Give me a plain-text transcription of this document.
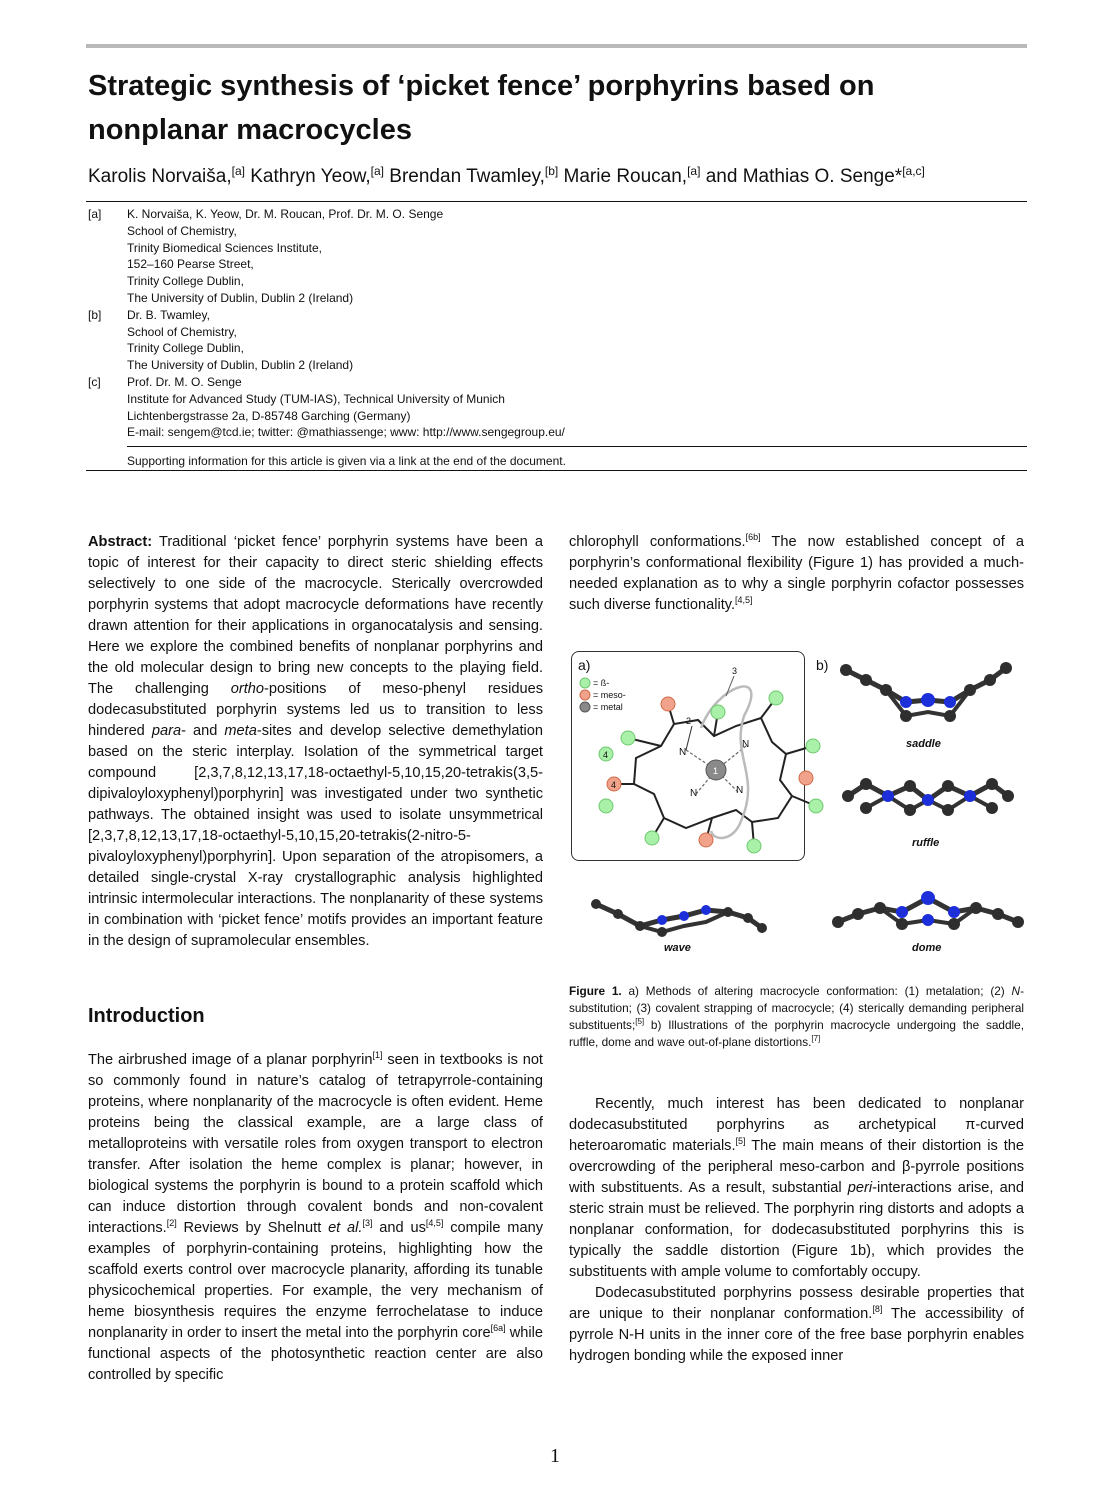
Strategic synthesis of ‘picket fence’ porphyrins based on nonplanar macrocycles
Karolis Norvaiša,[a] Kathryn Yeow,[a] Brendan Twamley,[b] Marie Roucan,[a] and Mathias O. Senge*[a,c]
[a]	K. Norvaiša, K. Yeow, Dr. M. Roucan, Prof. Dr. M. O. Senge
School of Chemistry,
Trinity Biomedical Sciences Institute,
152–160 Pearse Street,
Trinity College Dublin,
The University of Dublin, Dublin 2 (Ireland)
[b]	Dr. B. Twamley,
School of Chemistry,
Trinity College Dublin,
The University of Dublin, Dublin 2 (Ireland)
[c]	Prof. Dr. M. O. Senge
Institute for Advanced Study (TUM-IAS), Technical University of Munich
Lichtenbergstrasse 2a, D-85748 Garching (Germany)
E-mail: sengem@tcd.ie; twitter: @mathiassenge; www: http://www.sengegroup.eu/
Supporting information for this article is given via a link at the end of the document.

Abstract: Traditional ‘picket fence’ porphyrin systems have been a topic of interest for their capacity to direct steric shielding effects selectively to one side of the macrocycle. Sterically overcrowded porphyrin systems that adopt macrocycle deformations have recently drawn attention for their applications in organocatalysis and sensing. Here we explore the combined benefits of nonplanar porphyrins and the old molecular design to bring new concepts to the playing field. The challenging ortho-positions of meso-phenyl residues dodecasubstituted porphyrin systems led us to transition to less hindered para- and meta-sites and develop selective demethylation based on the steric interplay. Isolation of the symmetrical target compound [2,3,7,8,12,13,17,18-octaethyl-5,10,15,20-tetrakis(3,5-dipivaloyloxyphenyl)porphyrin] was investigated under two synthetic pathways. The obtained insight was used to isolate unsymmetrical [2,3,7,8,12,13,17,18-octaethyl-5,10,15,20-tetrakis(2-nitro-5-pivaloyloxyphenyl)porphyrin]. Upon separation of the atropisomers, a detailed single-crystal X-ray crystallographic analysis highlighted intrinsic intermolecular interactions. The nonplanarity of these systems in combination with ‘picket fence’ motifs provides an important feature in the design of supramolecular ensembles.

Introduction

The airbrushed image of a planar porphyrin[1] seen in textbooks is not so commonly found in nature’s catalog of tetrapyrrole-containing proteins, where nonplanarity of the macrocycle is often evident. Heme proteins being the classical example, are a large class of metalloproteins with versatile roles from oxygen transport to electron transfer. After isolation the heme complex is planar; however, in biological systems the porphyrin is bound to a protein scaffold which can induce distortion through covalent bonds and non-covalent interactions.[2] Reviews by Shelnutt et al.[3] and us[4,5] compile many examples of porphyrin-containing proteins, highlighting how the scaffold exerts control over macrocycle planarity, affording its tunable physicochemical properties. For example, the very mechanism of heme biosynthesis requires the enzyme ferrochelatase to induce nonplanarity in order to insert the metal into the porphyrin core[6a] while functional aspects of the photosynthetic reaction center are also controlled by specific

chlorophyll conformations.[6b] The now established concept of a porphyrin’s conformational flexibility (Figure 1) has provided a much-needed explanation as to why a single porphyrin cofactor possesses such diverse functionality.[4,5]

a)
= ß-
= meso-
= metal
3
2
N
N
N	N
1
4
4
b)
saddle
ruffle
wave	dome
Figure 1. a) Methods of altering macrocycle conformation: (1) metalation; (2) N-substitution; (3) covalent strapping of macrocycle; (4) sterically demanding peripheral substituents;[5] b) Illustrations of the porphyrin macrocycle undergoing the saddle, ruffle, dome and wave out-of-plane distortions.[7]

Recently, much interest has been dedicated to nonplanar dodecasubstituted porphyrins as archetypical π-curved heteroaromatic materials.[5] The main means of their distortion is the overcrowding of the peripheral meso-carbon and β-pyrrole positions with substituents. As a result, substantial peri-interactions arise, and steric strain must be relieved. The porphyrin ring distorts and adopts a nonplanar conformation, for dodecasubstituted porphyrins this is typically the saddle distortion (Figure 1b), which provides the substituents with ample volume to comfortably occupy.

Dodecasubstituted porphyrins possess desirable properties that are unique to their nonplanar conformation.[8] The accessibility of pyrrole N-H units in the inner core of the free base porphyrin enables hydrogen bonding while the exposed inner

1
